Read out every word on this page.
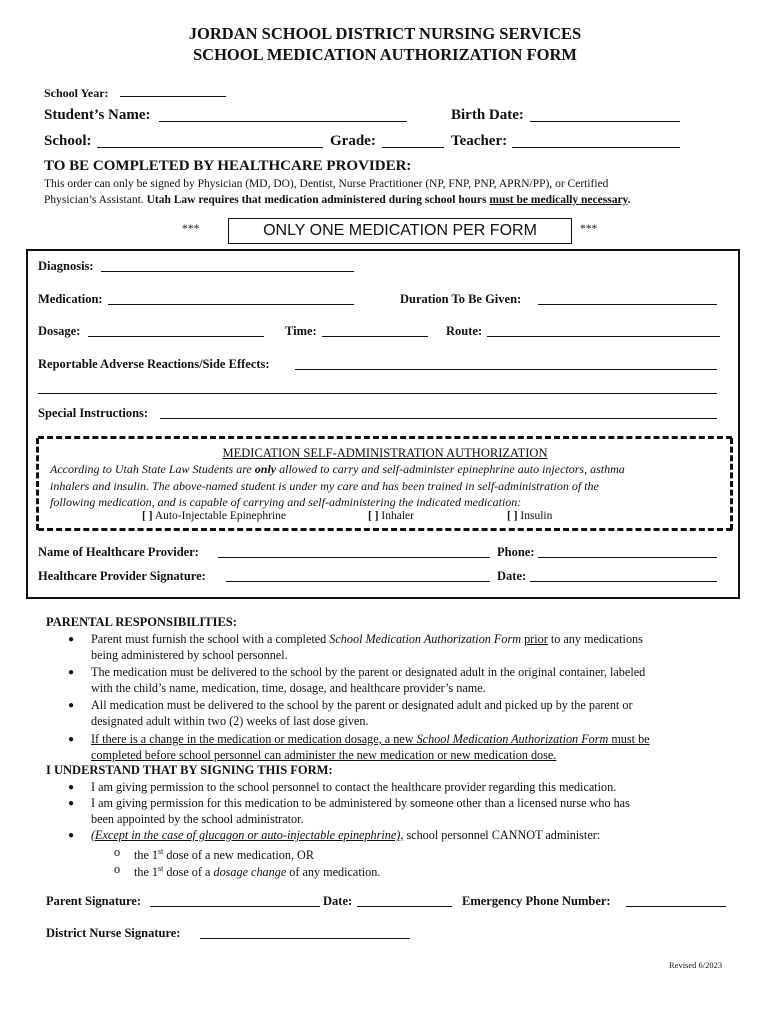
JORDAN SCHOOL DISTRICT NURSING SERVICES
SCHOOL MEDICATION AUTHORIZATION FORM
School Year:
Student’s Name:	Birth Date:
School:	Grade:	Teacher:
TO BE COMPLETED BY HEALTHCARE PROVIDER:
This order can only be signed by Physician (MD, DO), Dentist, Nurse Practitioner (NP, FNP, PNP, APRN/PP), or Certified
Physician’s Assistant. Utah Law requires that medication administered during school hours must be medically necessary.
***	ONLY ONE MEDICATION PER FORM	***
Diagnosis:
Medication:	Duration To Be Given:
Dosage:	Time:	Route:
Reportable Adverse Reactions/Side Effects:
Special Instructions:
MEDICATION SELF-ADMINISTRATION AUTHORIZATION
According to Utah State Law Students are only allowed to carry and self-administer epinephrine auto injectors, asthma
inhalers and insulin. The above-named student is under my care and has been trained in self-administration of the
following medication, and is capable of carrying and self-administering the indicated medication:
[ ] Auto-Injectable Epinephrine	[ ] Inhaler	[ ] Insulin
Name of Healthcare Provider:	Phone:
Healthcare Provider Signature:	Date:
PARENTAL RESPONSIBILITIES:
● Parent must furnish the school with a completed School Medication Authorization Form prior to any medications
being administered by school personnel.
● The medication must be delivered to the school by the parent or designated adult in the original container, labeled
with the child’s name, medication, time, dosage, and healthcare provider’s name.
● All medication must be delivered to the school by the parent or designated adult and picked up by the parent or
designated adult within two (2) weeks of last dose given.
● If there is a change in the medication or medication dosage, a new School Medication Authorization Form must be
completed before school personnel can administer the new medication or new medication dose.
I UNDERSTAND THAT BY SIGNING THIS FORM:
● I am giving permission to the school personnel to contact the healthcare provider regarding this medication.
● I am giving permission for this medication to be administered by someone other than a licensed nurse who has
been appointed by the school administrator.
● (Except in the case of glucagon or auto-injectable epinephrine), school personnel CANNOT administer:
o the 1st dose of a new medication, OR
o the 1st dose of a dosage change of any medication.
Parent Signature:	Date:	Emergency Phone Number:
District Nurse Signature:
Revised 6/2023
